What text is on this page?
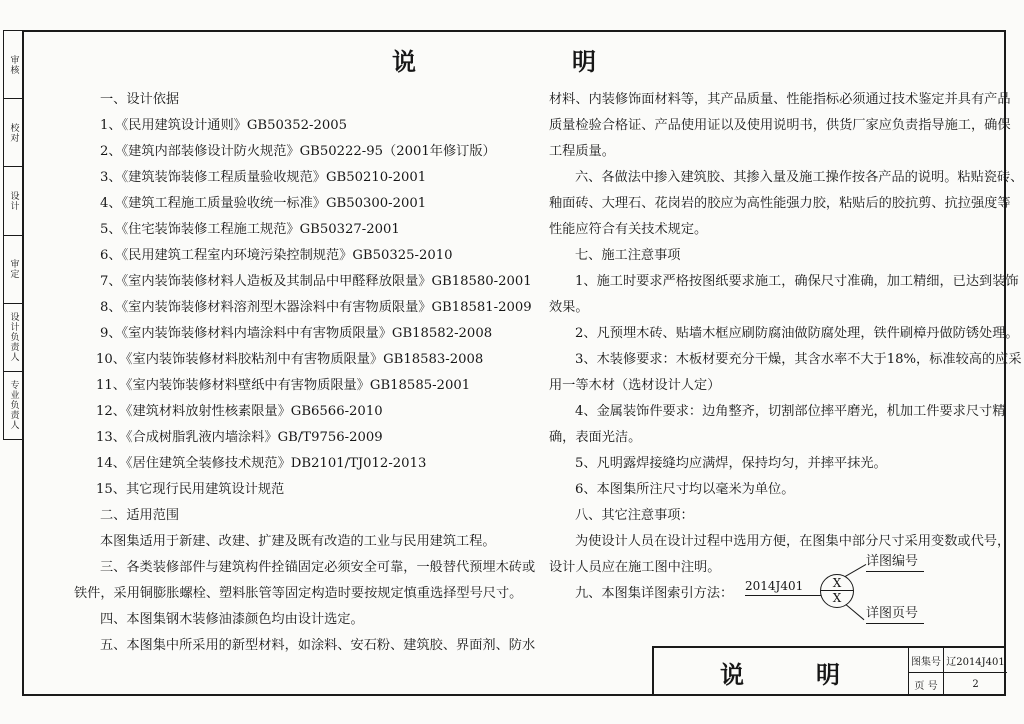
审核
校对
设计
审定
设计负责人
专业负责人
说	明
一、设计依据
1、《民用建筑设计通则》GB50352-2005
2、《建筑内部装修设计防火规范》GB50222-95（2001年修订版）
3、《建筑装饰装修工程质量验收规范》GB50210-2001
4、《建筑工程施工质量验收统一标准》GB50300-2001
5、《住宅装饰装修工程施工规范》GB50327-2001
6、《民用建筑工程室内环境污染控制规范》GB50325-2010
7、《室内装饰装修材料人造板及其制品中甲醛释放限量》GB18580-2001
8、《室内装饰装修材料溶剂型木器涂料中有害物质限量》GB18581-2009
9、《室内装饰装修材料内墙涂料中有害物质限量》GB18582-2008
10、《室内装饰装修材料胶粘剂中有害物质限量》GB18583-2008
11、《室内装饰装修材料壁纸中有害物质限量》GB18585-2001
12、《建筑材料放射性核素限量》GB6566-2010
13、《合成树脂乳液内墙涂料》GB/T9756-2009
14、《居住建筑全装修技术规范》DB2101/TJ012-2013
15、其它现行民用建筑设计规范
二、适用范围
本图集适用于新建、改建、扩建及既有改造的工业与民用建筑工程。
三、各类装修部件与建筑构件拴锚固定必须安全可靠，一般替代预埋木砖或
铁件，采用铜膨胀螺栓、塑料胀管等固定构造时要按规定慎重选择型号尺寸。
四、本图集钢木装修油漆颜色均由设计选定。
五、本图集中所采用的新型材料，如涂料、安石粉、建筑胶、界面剂、防水
材料、内装修饰面材料等，其产品质量、性能指标必须通过技术鉴定并具有产品
质量检验合格证、产品使用证以及使用说明书，供货厂家应负责指导施工，确保
工程质量。
六、各做法中掺入建筑胶、其掺入量及施工操作按各产品的说明。粘贴瓷砖、
釉面砖、大理石、花岗岩的胶应为高性能强力胶，粘贴后的胶抗剪、抗拉强度等
性能应符合有关技术规定。
七、施工注意事项
1、施工时要求严格按图纸要求施工，确保尺寸准确，加工精细，已达到装饰
效果。
2、凡预埋木砖、贴墙木框应刷防腐油做防腐处理，铁件刷樟丹做防锈处理。
3、木装修要求：木板材要充分干燥，其含水率不大于18%，标准较高的应采
用一等木材（选材设计人定）
4、金属装饰件要求：边角整齐，切割部位摔平磨光，机加工件要求尺寸精
确，表面光洁。
5、凡明露焊接缝均应满焊，保持均匀，并摔平抹光。
6、本图集所注尺寸均以毫米为单位。
八、其它注意事项：
为使设计人员在设计过程中选用方便，在图集中部分尺寸采用变数或代号，
设计人员应在施工图中注明。
九、本图集详图索引方法： 2014J401
详图编号
X
X
详图页号
说	明	图集号 辽2014J401
页 号	2
